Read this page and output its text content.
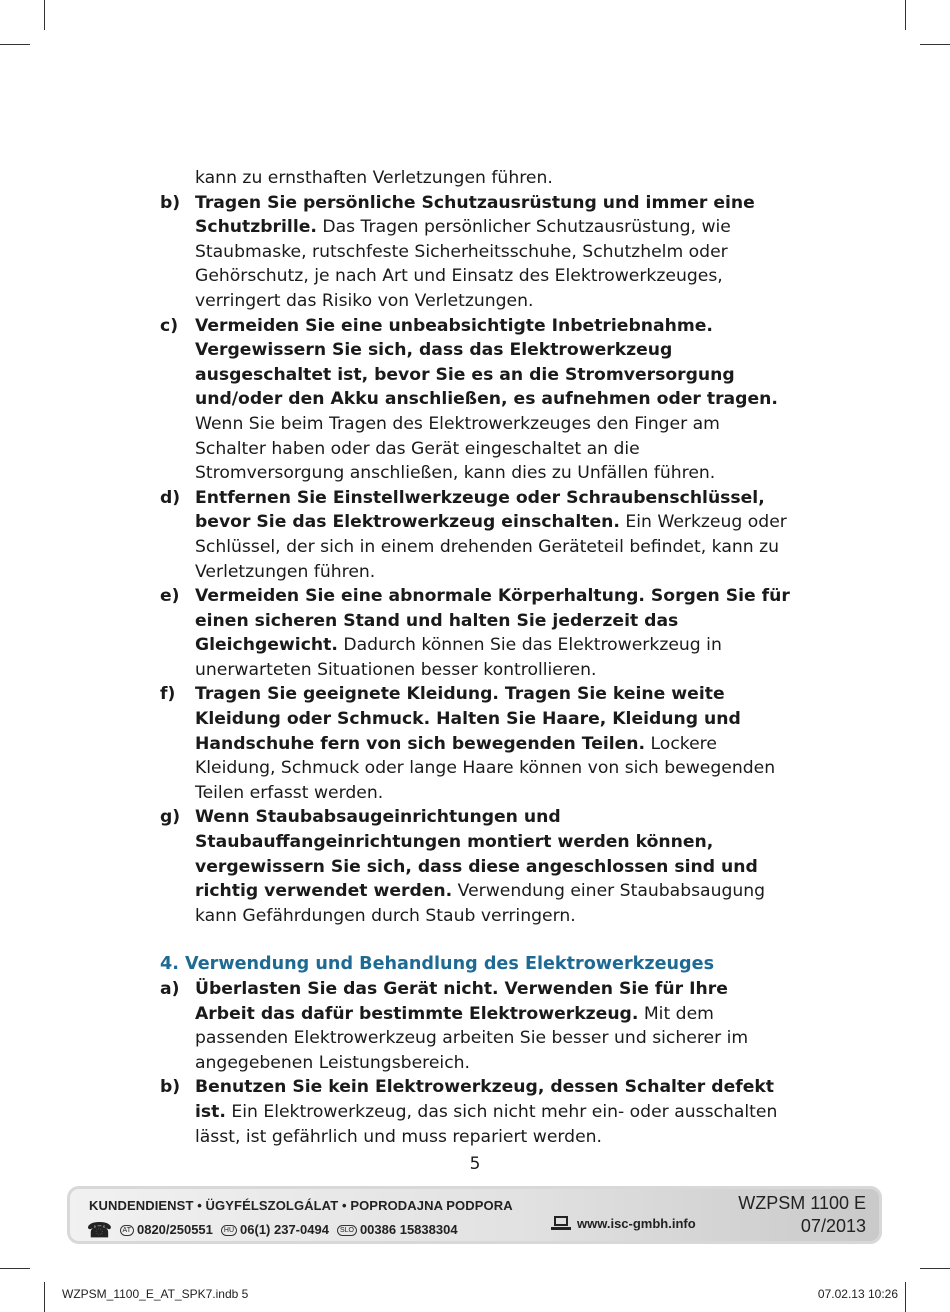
kann zu ernsthaften Verletzungen führen.
b) Tragen Sie persönliche Schutzausrüstung und immer eine Schutzbrille. Das Tragen persönlicher Schutzausrüstung, wie Staubmaske, rutschfeste Sicherheitsschuhe, Schutzhelm oder Gehörschutz, je nach Art und Einsatz des Elektrowerkzeuges, verringert das Risiko von Verletzungen.
c) Vermeiden Sie eine unbeabsichtigte Inbetriebnahme. Vergewissern Sie sich, dass das Elektrowerkzeug ausgeschaltet ist, bevor Sie es an die Stromversorgung und/oder den Akku anschließen, es aufnehmen oder tragen. Wenn Sie beim Tragen des Elektrowerkzeuges den Finger am Schalter haben oder das Gerät eingeschaltet an die Stromversorgung anschließen, kann dies zu Unfällen führen.
d) Entfernen Sie Einstellwerkzeuge oder Schraubenschlüssel, bevor Sie das Elektrowerkzeug einschalten. Ein Werkzeug oder Schlüssel, der sich in einem drehenden Geräteteil befindet, kann zu Verletzungen führen.
e) Vermeiden Sie eine abnormale Körperhaltung. Sorgen Sie für einen sicheren Stand und halten Sie jederzeit das Gleichgewicht. Dadurch können Sie das Elektrowerkzeug in unerwarteten Situationen besser kontrollieren.
f) Tragen Sie geeignete Kleidung. Tragen Sie keine weite Kleidung oder Schmuck. Halten Sie Haare, Kleidung und Handschuhe fern von sich bewegenden Teilen. Lockere Kleidung, Schmuck oder lange Haare können von sich bewegenden Teilen erfasst werden.
g) Wenn Staubabsaugeinrichtungen und Staubauffangeinrichtungen montiert werden können, vergewissern Sie sich, dass diese angeschlossen sind und richtig verwendet werden. Verwendung einer Staubabsaugung kann Gefährdungen durch Staub verringern.
4. Verwendung und Behandlung des Elektrowerkzeuges
a) Überlasten Sie das Gerät nicht. Verwenden Sie für Ihre Arbeit das dafür bestimmte Elektrowerkzeug. Mit dem passenden Elektrowerkzeug arbeiten Sie besser und sicherer im angegebenen Leistungsbereich.
b) Benutzen Sie kein Elektrowerkzeug, dessen Schalter defekt ist. Ein Elektrowerkzeug, das sich nicht mehr ein- oder ausschalten lässt, ist gefährlich und muss repariert werden.
5
KUNDENDIENST • ÜGYFÉLSZOLGÁLAT • POPRODAJNA PODPORA
☎ AT 0820/250551 HU 06(1) 237-0494 SLO 00386 15838304	www.isc-gmbh.info
WZPSM 1100 E
07/2013
WZPSM_1100_E_AT_SPK7.indb 5	07.02.13 10:26
